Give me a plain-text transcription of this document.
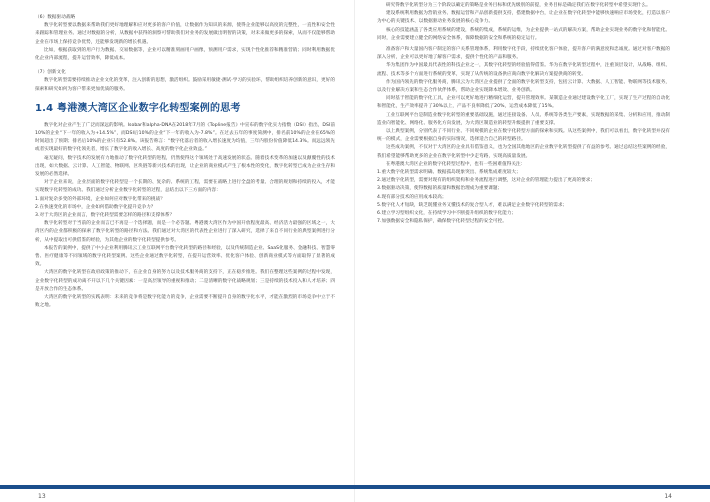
（6）数据驱动战略

数字化转型要以数据来帮助我们更好地理解和应对更多的客户价值，让数据作为知识的来源，使得企业能够以高度的完整性，一直性和安全性来跟踪和管理业务。通过对数据的分析，从数据中获得的洞察可帮助我们对业务的发展做出明智的决策，对未来做更多的探索，从而不仅能够帮助企业在市场上保持竞争优势，还能够发现新的增长机遇。

比如，根据获取到的用户行为数据、交易数据等，企业可以精准刻画用户画像，预测用户需求，实现个性化推荐和精准营销；同时利用数据优化企业内部流程，提升运营效率，降低成本。

（7）创新文化

数字化转型需要持续推动企业文化的变革，注入创新的思想，激活组织。鼓励采用敏捷·测试·学习的实验环，帮助组织培养创新的意识，更好的探索和研究如何为客户带来更加优质的服务。

1.4 粤港澳大湾区企业数字化转型案例的思考

数字化对企业产生了广泛而深远的影响。Isobar和alpha-DNA在2018年7月的《Topline报告》中宣布的数字化实力指数（DSI）指出，DSI前10%的企业“下一年的收入为+14.5%”，而DSI后10%的企业“下一年的收入为-7.8%”。在过去五年的事度简测中，排名前10%的企业在65%的时间超出了预期；排名后10%的企业只有52.8%。该报告称言：“数字化落后者的收入增长速度为均值，三年内股份价值降低14.3%。而远远领先或者实现最好的数字化领先者，增长了数字化的收入增长、高度的数字化企业效益。”

毫无疑问，数字技术的发展有力地推动了数字化转型的进程，仍然使得这个领域处于高速发展的状态。随着技术变革的加速以及颠覆性的技术出现，如大数据、云计算、人工智能、物联网、区块链等新兴技术的出现，让企业的商业模式产生了根本性的变化，数字化转型已成为企业生存和发展的必然选择。

对于企业来说，企业层面的数字化转型是一个长期的、复杂的、系统的工程，需要在战略上进行全盘的考量、合理的规划和持续的投入，才能实现数字化转型的成功。我们通过分析企业数字化转型的过程，总结出以下三方面的内容：

1.面对复杂多变的外部环境，企业如何应对数字化带来的挑战？

2.在快速变化的市场中，企业如何借助数字化提升竞争力？

3.对于大湾区的企业而言，数字化转型需要怎样的路径和支撑体系？

数字化转型对于当前的企业而言已不再是一个选择题，而是一个必答题。粤港澳大湾区作为中国开放程度最高、经济活力最强的区域之一，大湾区内的企业都积极的探索了数字化转型的路径和方法。我们通过对大湾区的代表性企业进行了深入研究，选择了来自不同行业的典型案例进行分析，从中提取出可供借鉴的经验，为其他企业的数字化转型提供参考。

本报告的案例中，提供了中小企业利用腾讯云工业互联网平台数字化转型的路径和经验，以及传统制造企业、SaaS化服务、金融科技、智慧零售、医疗健康等不同领域的数字化转型案例。这些企业通过数字化转型，在提升运营效率、优化客户体验、创新商业模式等方面取得了显著的成效。

大湾区的数字化转型在政府政策的推动下，在企业自身的努力以及技术服务商的支持下，正在稳步推进。我们在整理这些案例的过程中发现，企业数字化转型的成功离不开以下几个关键因素：一是高层领导的重视和推动；二是清晰的数字化战略规划；三是持续的技术投入和人才培养；四是开放合作的生态体系。

大湾区的数字化转型的实践表明：未来的竞争将是数字化能力的竞争，企业需要不断提升自身的数字化水平，才能在激烈的市场竞争中立于不败之地。

研究得数字化转型分为三个阶段以确定的策略是业务目标和优先级别的前提，业务目标是确定我们在数字化转型中希望实现什么。

建设系统利用数据为营销业务、数据运营和产品创新提供支持，搭建数据中台，让企业在数字化转型中能够快速响应市场变化，打造以客户为中心的关键技术、以数据驱动业务发展的核心竞争力。

核心的技能涵盖了各类应用系统的建设，系统的集成，系统的运维，为企业提供一站式的解决方案，帮助企业实现业务的数字化和智能化。同时，企业需要建立健全的网络安全体系，保障数据的安全和系统的稳定运行。

准备客户和大量国内客户制定的客户关系管理体系，利用数字化手段，持续优化客户体验，提升客户的满意度和忠诚度。通过对客户数据的深入分析，企业可以更好地了解客户需求，提供个性化的产品和服务。

华为集团作为中国最具代表性的科技企业之一，其数字化转型的经验值得借鉴。华为在数字化转型过程中，注重顶层设计，从战略、组织、流程、技术等多个方面进行系统的变革，实现了从传统的设备供应商向数字化解决方案提供商的转变。

作为国内领先的数字化服务商，腾讯云为大湾区企业提供了全面的数字化转型支持，包括云计算、大数据、人工智能、物联网等技术服务，以及行业解决方案和生态合作伙伴体系，帮助企业实现降本增效、业务创新。

同时基于智能的数字化工具，企业可以更好地进行精细化运营，提升管理效率。某制造企业通过建设数字化工厂，实现了生产过程的自动化和智能化，生产效率提升了30%以上，产品不良率降低了20%，运营成本降低了15%。

工业互联网平台是制造业数字化转型的重要基础设施，通过连接设备、人员、系统等各类生产要素，实现数据的采集、分析和应用，推动制造业向智能化、网络化、服务化方向发展，为大湾区制造业的转型升级提供了重要支撑。

以上典型案例，分别代表了不同行业、不同规模的企业在数字化转型方面的探索和实践。从这些案例中，我们可以看出，数字化转型并没有统一的模式，企业需要根据自身的实际情况，选择适合自己的转型路径。

这些成功案例，不仅对于大湾区的企业具有借鉴意义，也为全国其他地区的企业数字化转型提供了有益的参考。通过总结这些案例的经验，我们希望能够帮助更多的企业在数字化转型中少走弯路，实现高质量发展。

在粤港澳大湾区企业的数字化转型过程中，也有一些困难值得关注：

1.重大数字化转型需求明确、数据孤岛现象突出、系统集成难度较大；

2.通过数字化转型，需要对现有的组织架构和业务流程进行调整，这对企业的管理能力提出了更高的要求；

3.数据驱动决策，使得数据的质量和数据治理成为重要课题；

4.现有部分技术的应用成本较高；

5.数字化人才短缺，缺乏既懂业务又懂技术的复合型人才，难以满足企业数字化转型的需求；

6.建立学习型组织文化，在持续学习中不断提升组织的数字化能力；

7.加强数据安全和隐私保护，确保数字化转型过程的安全可控。

13	14
